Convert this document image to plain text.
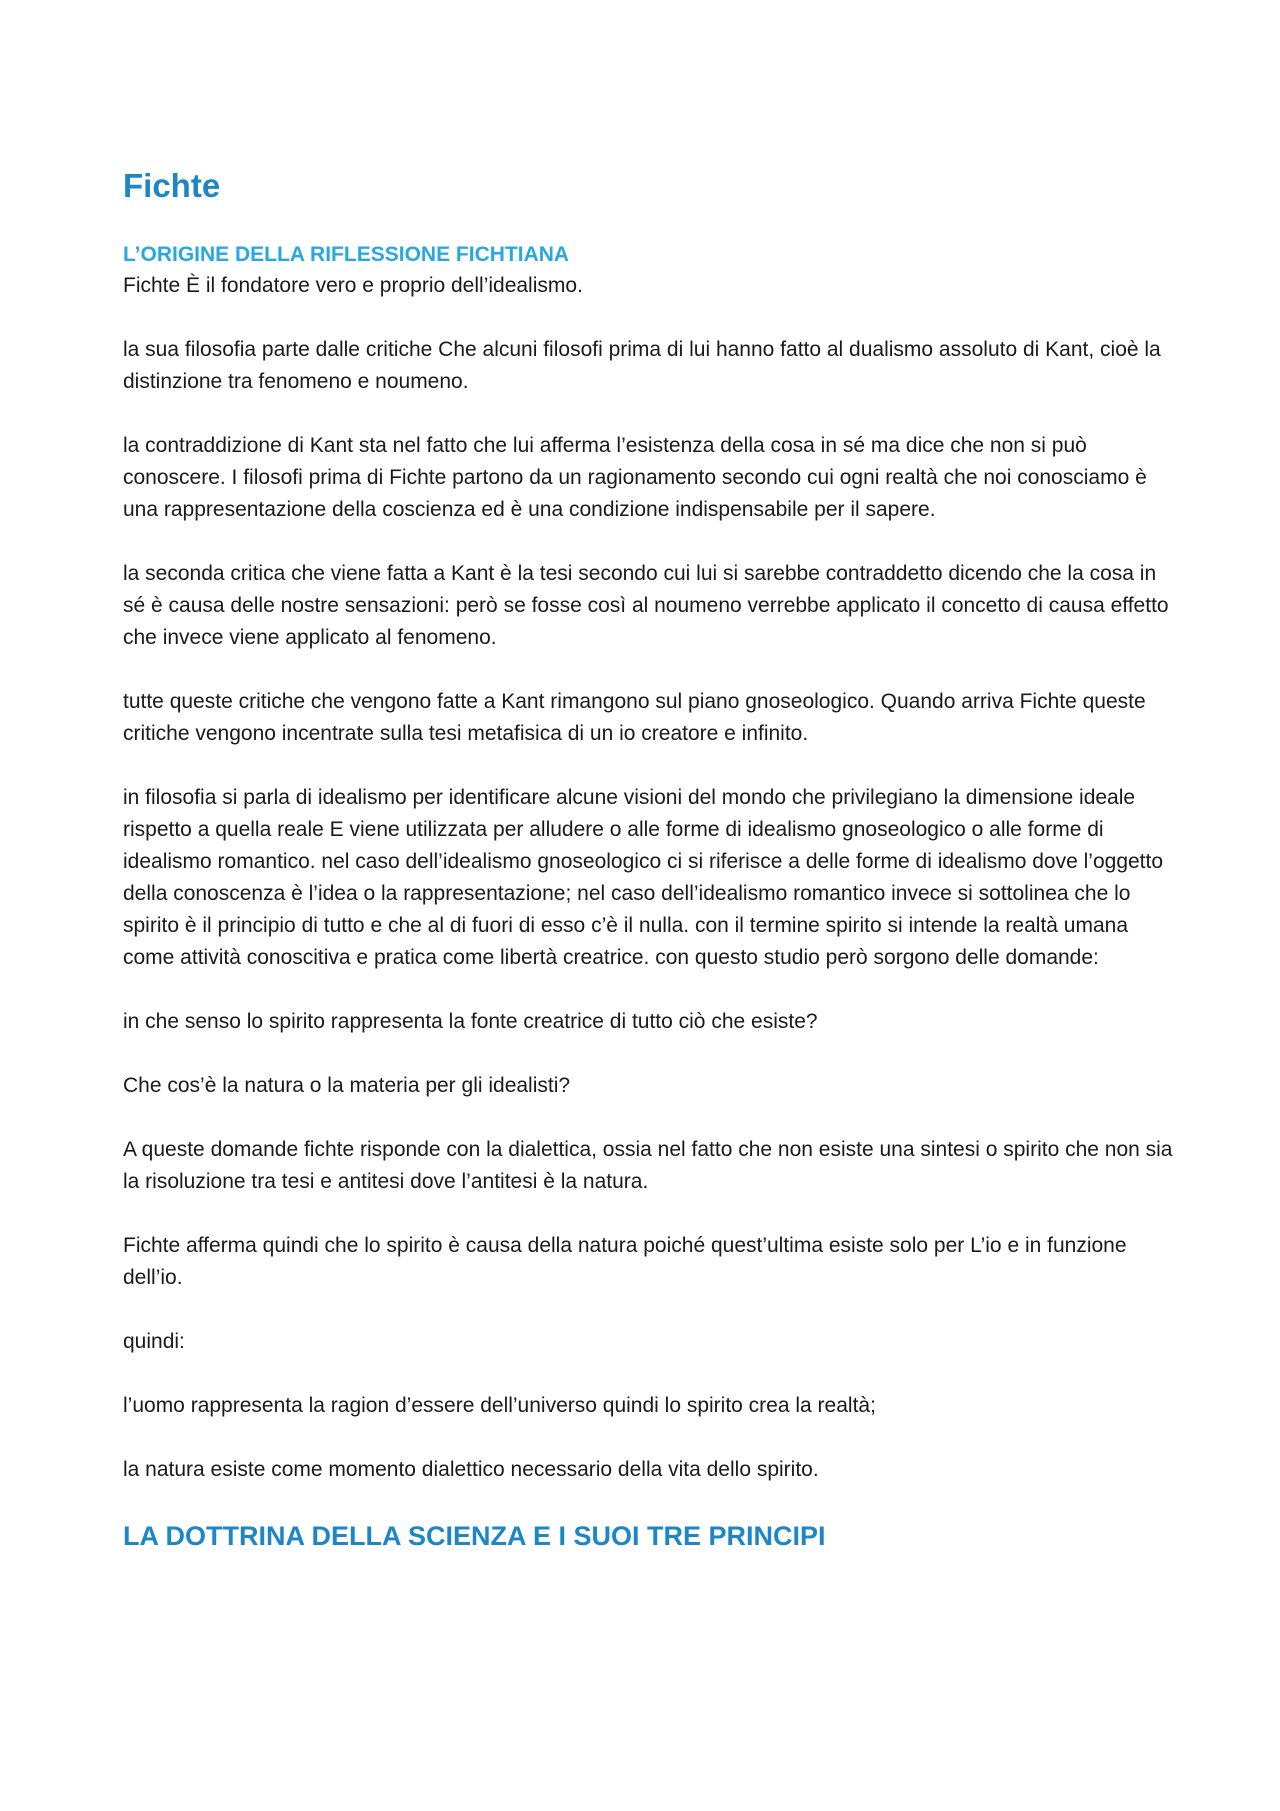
Fichte
L’ORIGINE DELLA RIFLESSIONE FICHTIANA

Fichte È il fondatore vero e proprio dell’idealismo.

la sua filosofia parte dalle critiche Che alcuni filosofi prima di lui hanno fatto al dualismo assoluto di Kant, cioè la distinzione tra fenomeno e noumeno.

la contraddizione di Kant sta nel fatto che lui afferma l’esistenza della cosa in sé ma dice che non si può conoscere. I filosofi prima di Fichte partono da un ragionamento secondo cui ogni realtà che noi conosciamo è una rappresentazione della coscienza ed è una condizione indispensabile per il sapere.

la seconda critica che viene fatta a Kant è la tesi secondo cui lui si sarebbe contraddetto dicendo che la cosa in sé è causa delle nostre sensazioni: però se fosse così al noumeno verrebbe applicato il concetto di causa effetto che invece viene applicato al fenomeno.

tutte queste critiche che vengono fatte a Kant rimangono sul piano gnoseologico. Quando arriva Fichte queste critiche vengono incentrate sulla tesi metafisica di un io creatore e infinito.

in filosofia si parla di idealismo per identificare alcune visioni del mondo che privilegiano la dimensione ideale rispetto a quella reale E viene utilizzata per alludere o alle forme di idealismo gnoseologico o alle forme di idealismo romantico. nel caso dell’idealismo gnoseologico ci si riferisce a delle forme di idealismo dove l’oggetto della conoscenza è l’idea o la rappresentazione; nel caso dell’idealismo romantico invece si sottolinea che lo spirito è il principio di tutto e che al di fuori di esso c’è il nulla. con il termine spirito si intende la realtà umana come attività conoscitiva e pratica come libertà creatrice. con questo studio però sorgono delle domande:

in che senso lo spirito rappresenta la fonte creatrice di tutto ciò che esiste?

Che cos’è la natura o la materia per gli idealisti?

A queste domande fichte risponde con la dialettica, ossia nel fatto che non esiste una sintesi o spirito che non sia la risoluzione tra tesi e antitesi dove l’antitesi è la natura.

Fichte afferma quindi che lo spirito è causa della natura poiché quest’ultima esiste solo per L’io e in funzione dell’io.

quindi:

l’uomo rappresenta la ragion d’essere dell’universo quindi lo spirito crea la realtà;

la natura esiste come momento dialettico necessario della vita dello spirito.

LA DOTTRINA DELLA SCIENZA E I SUOI TRE PRINCIPI
